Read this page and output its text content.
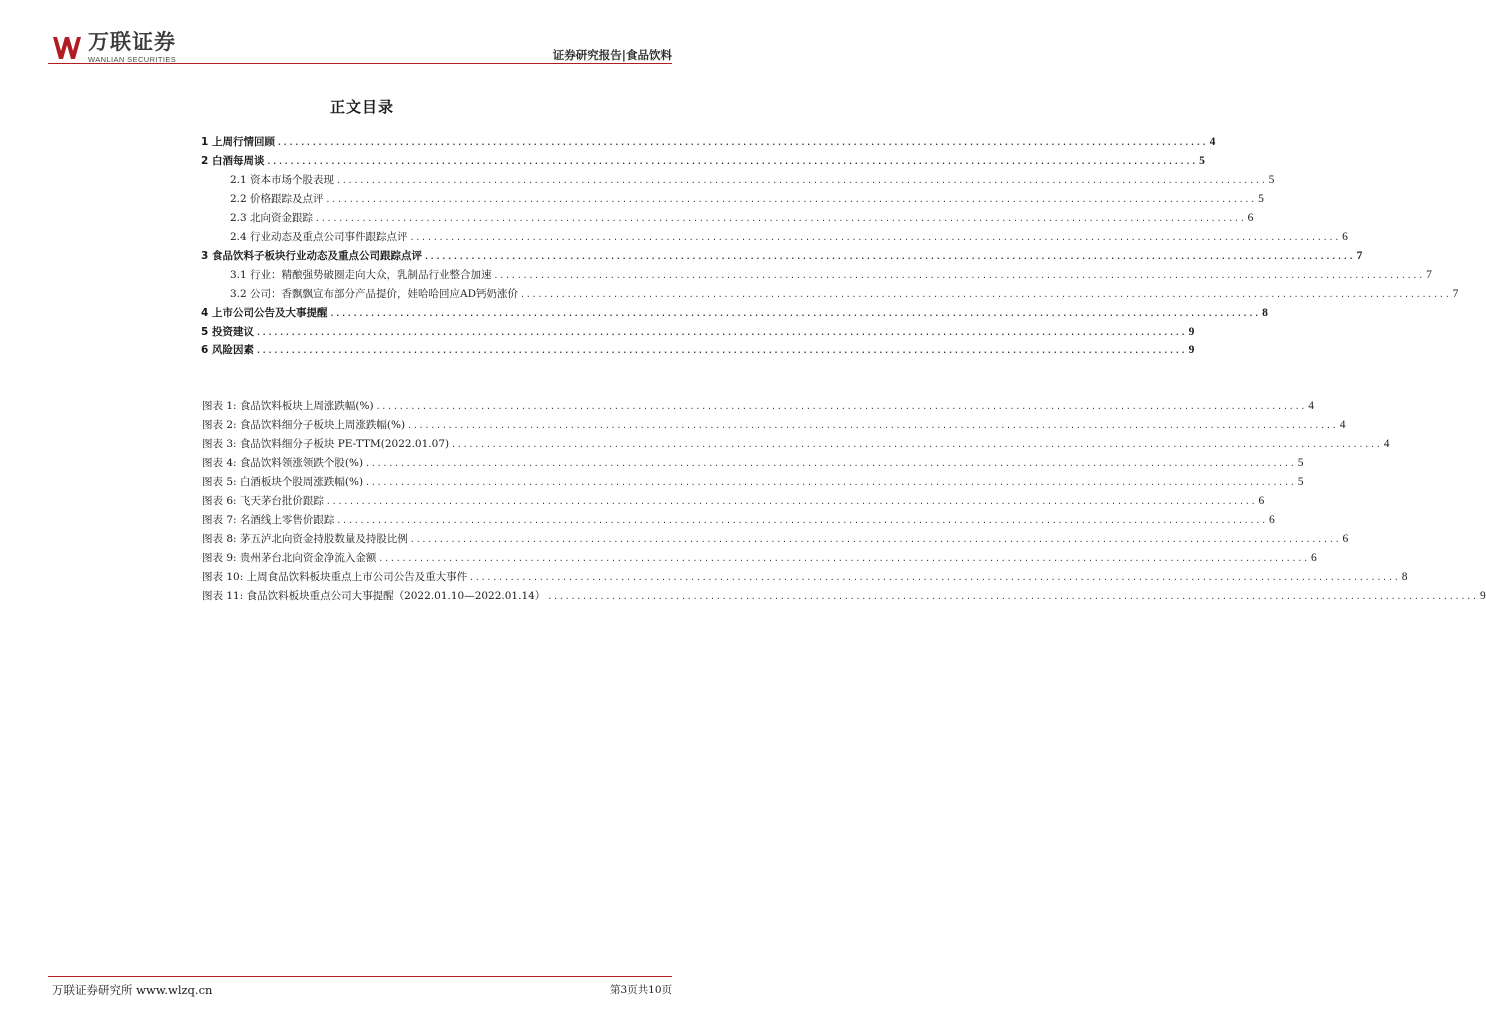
万联证券
WANLIAN SECURITIES	证券研究报告|食品饮料
正文目录
1 上周行情回顾 ................................................................................................................................................................ 4
2 白酒每周谈 ................................................................................................................................................................ 5
2.1 资本市场个股表现 ................................................................................................................................................................ 5
2.2 价格跟踪及点评 ................................................................................................................................................................ 5
2.3 北向资金跟踪 ................................................................................................................................................................ 6
2.4 行业动态及重点公司事件跟踪点评 ................................................................................................................................................................ 6
3 食品饮料子板块行业动态及重点公司跟踪点评 ................................................................................................................................................................ 7
3.1 行业：精酿强势破圈走向大众，乳制品行业整合加速 ................................................................................................................................................................ 7
3.2 公司：香飘飘宣布部分产品提价，娃哈哈回应AD钙奶涨价 ................................................................................................................................................................ 7
4 上市公司公告及大事提醒 ................................................................................................................................................................ 8
5 投资建议 ................................................................................................................................................................ 9
6 风险因素 ................................................................................................................................................................ 9
图表 1: 食品饮料板块上周涨跌幅(%) ................................................................................................................................................................ 4
图表 2: 食品饮料细分子板块上周涨跌幅(%) ................................................................................................................................................................ 4
图表 3: 食品饮料细分子板块 PE-TTM(2022.01.07) ................................................................................................................................................................ 4
图表 4: 食品饮料领涨领跌个股(%) ................................................................................................................................................................ 5
图表 5: 白酒板块个股周涨跌幅(%) ................................................................................................................................................................ 5
图表 6: 飞天茅台批价跟踪 ................................................................................................................................................................ 6
图表 7: 名酒线上零售价跟踪 ................................................................................................................................................................ 6
图表 8: 茅五泸北向资金持股数量及持股比例 ................................................................................................................................................................ 6
图表 9: 贵州茅台北向资金净流入金额 ................................................................................................................................................................ 6
图表 10: 上周食品饮料板块重点上市公司公告及重大事件 ................................................................................................................................................................ 8
图表 11: 食品饮料板块重点公司大事提醒（2022.01.10—2022.01.14） ................................................................................................................................................................ 9
万联证券研究所 www.wlzq.cn	第3页共10页
